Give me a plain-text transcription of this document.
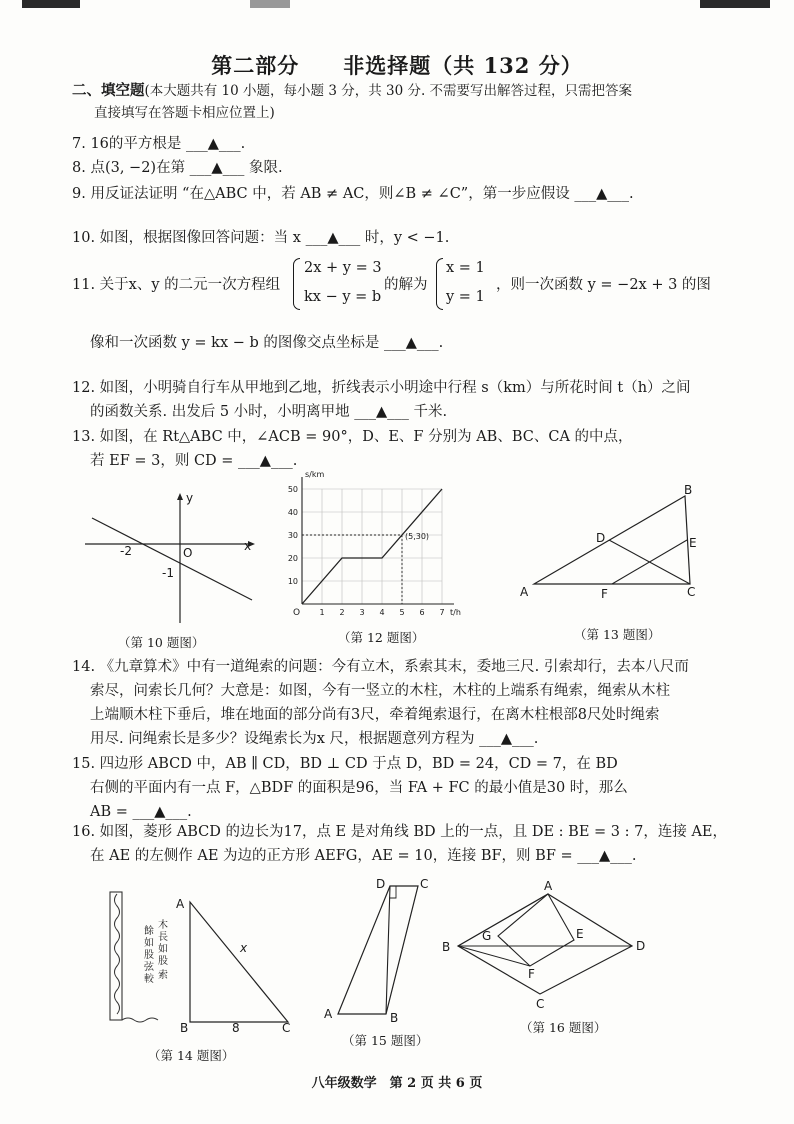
第二部分　　非选择题（共 132 分）
二、填空题(本大题共有 10 小题，每小题 3 分，共 30 分. 不需要写出解答过程，只需把答案
直接填写在答题卡相应位置上)
7. 16的平方根是 ___▲___.
8. 点(3, −2)在第 ___▲___ 象限.
9. 用反证法证明 “在△ABC 中，若 AB ≠ AC，则∠B ≠ ∠C”，第一步应假设 ___▲___.
10. 如图，根据图像回答问题：当 x ___▲___ 时，y < −1.
11. 关于x、y 的二元一次方程组
2x + y = 3
kx − y = b
的解为
x = 1
y = 1
，则一次函数 y = −2x + 3 的图
像和一次函数 y = kx − b 的图像交点坐标是 ___▲___.
12. 如图，小明骑自行车从甲地到乙地，折线表示小明途中行程 s（km）与所花时间 t（h）之间
的函数关系. 出发后 5 小时，小明离甲地 ___▲___ 千米.
13. 如图，在 Rt△ABC 中，∠ACB = 90°，D、E、F 分别为 AB、BC、CA 的中点，
若 EF = 3，则 CD = ___▲___.
y
x
O
-2
-1
（第 10 题图）
10
20
30
40
50
1 2 3 4 5 6 7
s/km
t/h
O
(5,30)
（第 12 题图）
B
D	E
A	F	C
（第 13 题图）
14. 《九章算术》中有一道绳索的问题：今有立木，系索其末，委地三尺. 引索却行，去本八尺而
索尽，问索长几何？大意是：如图，今有一竖立的木柱，木柱的上端系有绳索，绳索从木柱
上端顺木柱下垂后，堆在地面的部分尚有3尺，牵着绳索退行，在离木柱根部8尺处时绳索
用尽. 问绳索长是多少？设绳索长为x 尺，根据题意列方程为 ___▲___.
15. 四边形 ABCD 中，AB ∥ CD，BD ⊥ CD 于点 D，BD = 24，CD = 7，在 BD
右侧的平面内有一点 F，△BDF 的面积是96，当 FA + FC 的最小值是30 时，那么
AB = ___▲___.
16. 如图，菱形 ABCD 的边长为17，点 E 是对角线 BD 上的一点，且 DE : BE = 3 : 7，连接 AE，
在 AE 的左侧作 AE 为边的正方形 AEFG，AE = 10，连接 BF，则 BF = ___▲___.
餘如股弦較
木長如股
索
A
B	C
x
8
（第 14 题图）
D	C
A	B
（第 15 题图）
A
B	D
C
E
G
F
（第 16 题图）
八年级数学　第 2 页 共 6 页
